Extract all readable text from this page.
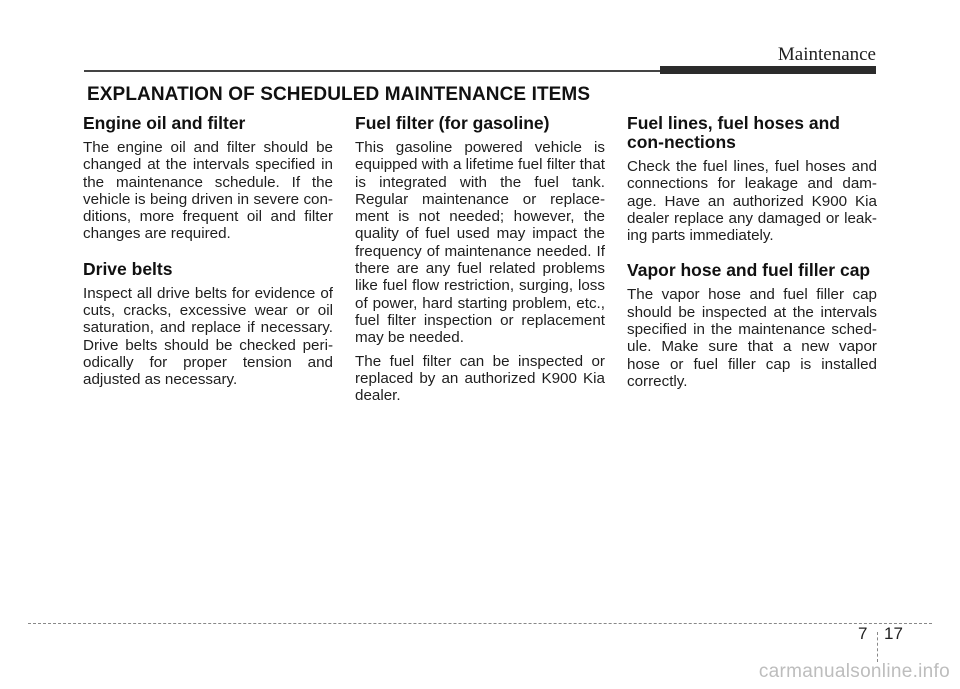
Maintenance
EXPLANATION OF SCHEDULED MAINTENANCE ITEMS
Engine oil and filter

The engine oil and filter should be changed at the intervals specified in the maintenance schedule. If the vehicle is being driven in severe con-ditions, more frequent oil and filter changes are required.

Drive belts

Inspect all drive belts for evidence of cuts, cracks, excessive wear or oil saturation, and replace if necessary. Drive belts should be checked peri-odically for proper tension and adjusted as necessary.

Fuel filter (for gasoline)

This gasoline powered vehicle is equipped with a lifetime fuel filter that is integrated with the fuel tank. Regular maintenance or replace-ment is not needed; however, the quality of fuel used may impact the frequency of maintenance needed. If there are any fuel related problems like fuel flow restriction, surging, loss of power, hard starting problem, etc., fuel filter inspection or replacement may be needed.

The fuel filter can be inspected or replaced by an authorized K900 Kia dealer.

Fuel lines, fuel hoses and con-nections

Check the fuel lines, fuel hoses and connections for leakage and dam-age. Have an authorized K900 Kia dealer replace any damaged or leak-ing parts immediately.

Vapor hose and fuel filler cap

The vapor hose and fuel filler cap should be inspected at the intervals specified in the maintenance sched-ule. Make sure that a new vapor hose or fuel filler cap is installed correctly.

7 17
carmanualsonline.info
